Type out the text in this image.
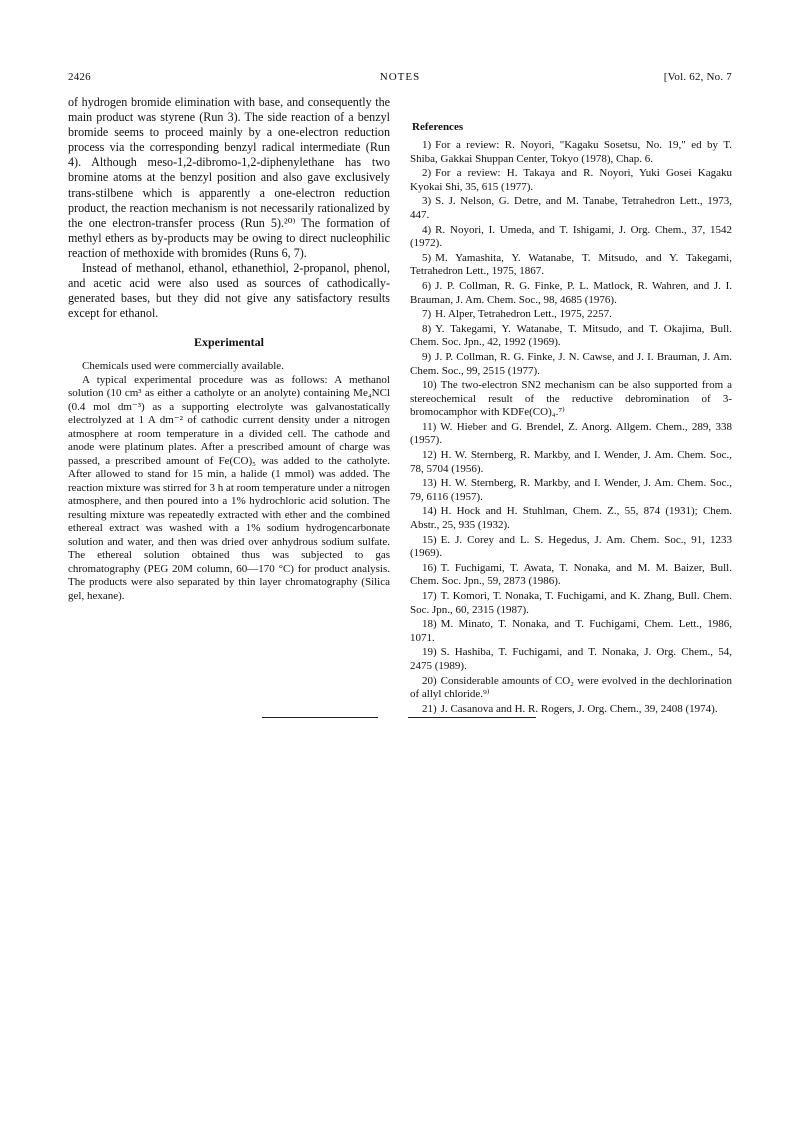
2426	NOTES	[Vol. 62, No. 7

of hydrogen bromide elimination with base, and consequently the main product was styrene (Run 3). The side reaction of a benzyl bromide seems to proceed mainly by a one-electron reduction process via the corresponding benzyl radical intermediate (Run 4). Although meso-1,2-dibromo-1,2-diphenylethane has two bromine atoms at the benzyl position and also gave exclusively trans-stilbene which is apparently a one-electron reduction product, the reaction mechanism is not necessarily rationalized by the one electron-transfer process (Run 5).²⁰⁾ The formation of methyl ethers as by-products may be owing to direct nucleophilic reaction of methoxide with bromides (Runs 6, 7).

Instead of methanol, ethanol, ethanethiol, 2-propanol, phenol, and acetic acid were also used as sources of cathodically-generated bases, but they did not give any satisfactory results except for ethanol.

Experimental

Chemicals used were commercially available.

A typical experimental procedure was as follows: A methanol solution (10 cm³ as either a catholyte or an anolyte) containing Me₄NCl (0.4 mol dm⁻³) as a supporting electrolyte was galvanostatically electrolyzed at 1 A dm⁻² of cathodic current density under a nitrogen atmosphere at room temperature in a divided cell. The cathode and anode were platinum plates. After a prescribed amount of charge was passed, a prescribed amount of Fe(CO)₅ was added to the catholyte. After allowed to stand for 15 min, a halide (1 mmol) was added. The reaction mixture was stirred for 3 h at room temperature under a nitrogen atmosphere, and then poured into a 1% hydrochloric acid solution. The resulting mixture was repeatedly extracted with ether and the combined ethereal extract was washed with a 1% sodium hydrogencarbonate solution and water, and then was dried over anhydrous sodium sulfate. The ethereal solution obtained thus was subjected to gas chromatography (PEG 20M column, 60—170 °C) for product analysis. The products were also separated by thin layer chromatography (Silica gel, hexane).

References

1) For a review: R. Noyori, "Kagaku Sosetsu, No. 19," ed by T. Shiba, Gakkai Shuppan Center, Tokyo (1978), Chap. 6.

2) For a review: H. Takaya and R. Noyori, Yuki Gosei Kagaku Kyokai Shi, 35, 615 (1977).

3) S. J. Nelson, G. Detre, and M. Tanabe, Tetrahedron Lett., 1973, 447.

4) R. Noyori, I. Umeda, and T. Ishigami, J. Org. Chem., 37, 1542 (1972).

5) M. Yamashita, Y. Watanabe, T. Mitsudo, and Y. Takegami, Tetrahedron Lett., 1975, 1867.

6) J. P. Collman, R. G. Finke, P. L. Matlock, R. Wahren, and J. I. Brauman, J. Am. Chem. Soc., 98, 4685 (1976).

7) H. Alper, Tetrahedron Lett., 1975, 2257.

8) Y. Takegami, Y. Watanabe, T. Mitsudo, and T. Okajima, Bull. Chem. Soc. Jpn., 42, 1992 (1969).

9) J. P. Collman, R. G. Finke, J. N. Cawse, and J. I. Brauman, J. Am. Chem. Soc., 99, 2515 (1977).

10) The two-electron SN2 mechanism can be also supported from a stereochemical result of the reductive debromination of 3-bromocamphor with KDFe(CO)₄.⁷⁾

11) W. Hieber and G. Brendel, Z. Anorg. Allgem. Chem., 289, 338 (1957).

12) H. W. Sternberg, R. Markby, and I. Wender, J. Am. Chem. Soc., 78, 5704 (1956).

13) H. W. Sternberg, R. Markby, and I. Wender, J. Am. Chem. Soc., 79, 6116 (1957).

14) H. Hock and H. Stuhlman, Chem. Z., 55, 874 (1931); Chem. Abstr., 25, 935 (1932).

15) E. J. Corey and L. S. Hegedus, J. Am. Chem. Soc., 91, 1233 (1969).

16) T. Fuchigami, T. Awata, T. Nonaka, and M. M. Baizer, Bull. Chem. Soc. Jpn., 59, 2873 (1986).

17) T. Komori, T. Nonaka, T. Fuchigami, and K. Zhang, Bull. Chem. Soc. Jpn., 60, 2315 (1987).

18) M. Minato, T. Nonaka, and T. Fuchigami, Chem. Lett., 1986, 1071.

19) S. Hashiba, T. Fuchigami, and T. Nonaka, J. Org. Chem., 54, 2475 (1989).

20) Considerable amounts of CO₂ were evolved in the dechlorination of allyl chloride.⁹⁾

21) J. Casanova and H. R. Rogers, J. Org. Chem., 39, 2408 (1974).
